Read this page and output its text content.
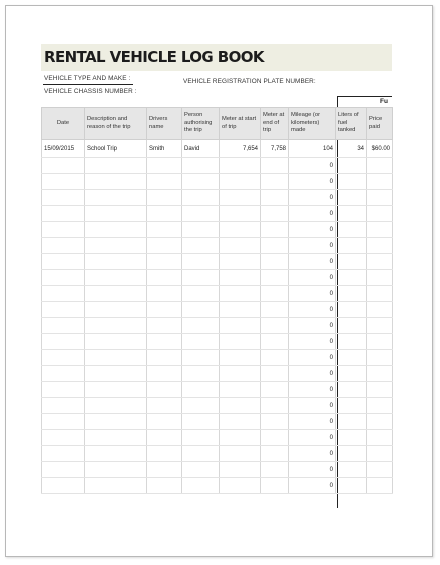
RENTAL VEHICLE LOG BOOK
VEHICLE TYPE AND MAKE :	VEHICLE REGISTRATION PLATE NUMBER:
VEHICLE CHASSIS NUMBER :
Fu
Date	Description and reason of the trip	Drivers name	Person authorising the trip	Meter at start of trip	Meter at end of trip	Mileage (or kilometers) made	Liters of fuel tanked	Price paid
15/09/2015	School Trip	Smith	David	7,654	7,758	104	34	$60.00
						0		
						0		
						0		
						0		
						0		
						0		
						0		
						0		
						0		
						0		
						0		
						0		
						0		
						0		
						0		
						0		
						0		
						0		
						0		
						0		
						0		
